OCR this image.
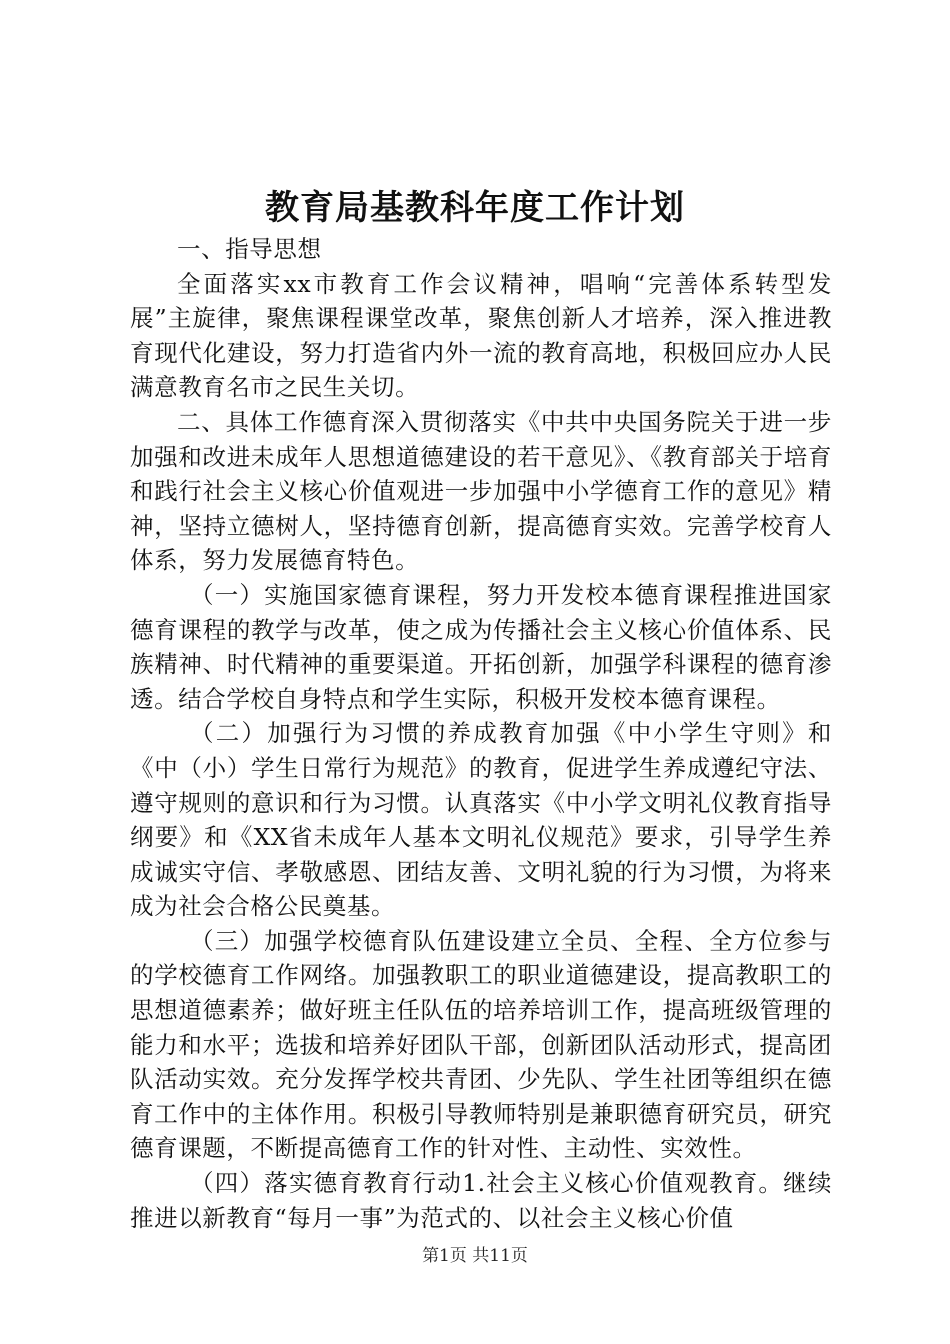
教育局基教科年度工作计划

一、指导思想

全面落实xx市教育工作会议精神，唱响“完善体系转型发展”主旋律，聚焦课程课堂改革，聚焦创新人才培养，深入推进教育现代化建设，努力打造省内外一流的教育高地，积极回应办人民满意教育名市之民生关切。

二、具体工作德育深入贯彻落实《中共中央国务院关于进一步加强和改进未成年人思想道德建设的若干意见》、《教育部关于培育和践行社会主义核心价值观进一步加强中小学德育工作的意见》精神，坚持立德树人，坚持德育创新，提高德育实效。完善学校育人体系，努力发展德育特色。

（一）实施国家德育课程，努力开发校本德育课程推进国家德育课程的教学与改革，使之成为传播社会主义核心价值体系、民族精神、时代精神的重要渠道。开拓创新，加强学科课程的德育渗透。结合学校自身特点和学生实际，积极开发校本德育课程。

（二）加强行为习惯的养成教育加强《中小学生守则》和《中（小）学生日常行为规范》的教育，促进学生养成遵纪守法、遵守规则的意识和行为习惯。认真落实《中小学文明礼仪教育指导纲要》和《XX省未成年人基本文明礼仪规范》要求，引导学生养成诚实守信、孝敬感恩、团结友善、文明礼貌的行为习惯，为将来成为社会合格公民奠基。

（三）加强学校德育队伍建设建立全员、全程、全方位参与的学校德育工作网络。加强教职工的职业道德建设，提高教职工的思想道德素养；做好班主任队伍的培养培训工作，提高班级管理的能力和水平；选拔和培养好团队干部，创新团队活动形式，提高团队活动实效。充分发挥学校共青团、少先队、学生社团等组织在德育工作中的主体作用。积极引导教师特别是兼职德育研究员，研究德育课题，不断提高德育工作的针对性、主动性、实效性。

（四）落实德育教育行动1.社会主义核心价值观教育。继续推进以新教育“每月一事”为范式的、以社会主义核心价值

第1页 共11页
